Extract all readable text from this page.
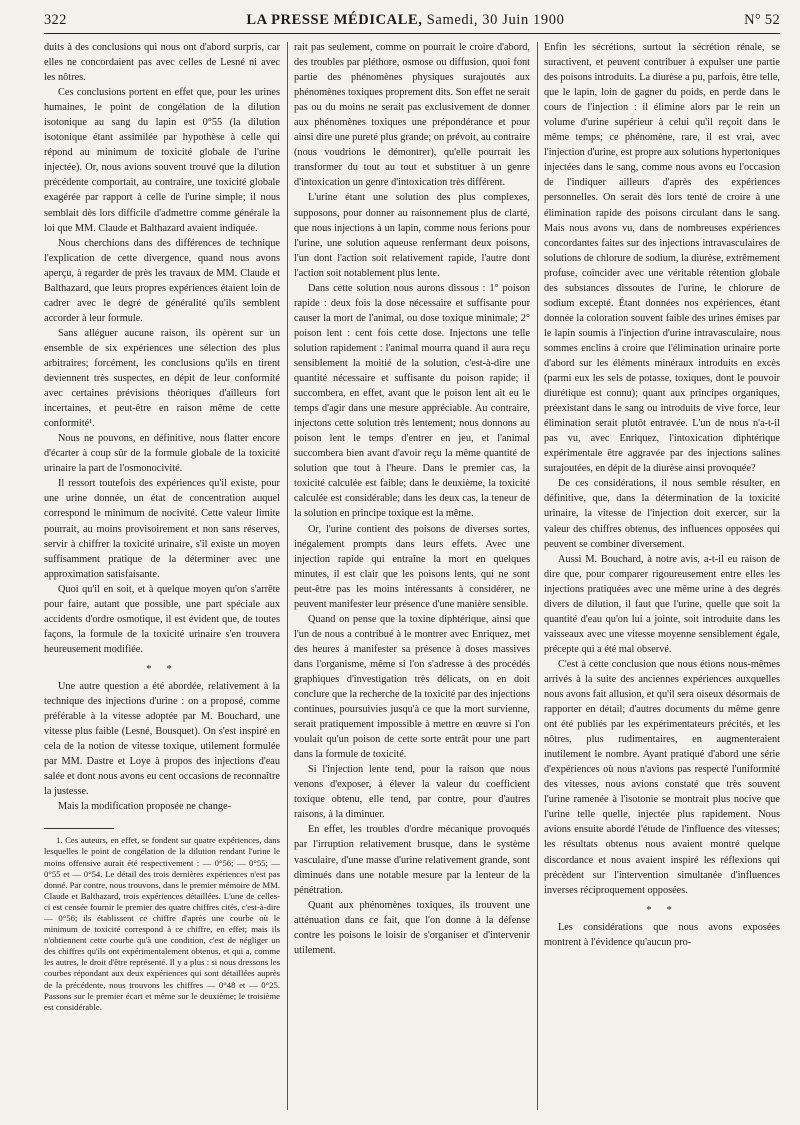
322	LA PRESSE MÉDICALE, Samedi, 30 Juin 1900	N° 52

duits à des conclusions qui nous ont d'abord surpris, car elles ne concordaient pas avec celles de Lesné ni avec les nôtres.

Ces conclusions portent en effet que, pour les urines humaines, le point de congélation de la dilution isotonique au sang du lapin est 0°55 (la dilution isotonique étant assimilée par hypothèse à celle qui répond au minimum de toxicité globale de l'urine injectée). Or, nous avions souvent trouvé que la dilution précédente comportait, au contraire, une toxicité globale exagérée par rapport à celle de l'urine simple; il nous semblait dès lors difficile d'admettre comme générale la loi que MM. Claude et Balthazard avaient indiquée.

Nous cherchions dans des différences de technique l'explication de cette divergence, quand nous avons aperçu, à regarder de près les travaux de MM. Claude et Balthazard, que leurs propres expériences étaient loin de cadrer avec le degré de généralité qu'ils semblent accorder à leur formule.

Sans alléguer aucune raison, ils opèrent sur un ensemble de six expériences une sélection des plus arbitraires; forcément, les conclusions qu'ils en tirent deviennent très suspectes, en dépit de leur conformité avec certaines prévisions théoriques d'ailleurs fort incertaines, et peut-être en raison même de cette conformité¹.

Nous ne pouvons, en définitive, nous flatter encore d'écarter à coup sûr de la formule globale de la toxicité urinaire la part de l'osmonocivité.

Il ressort toutefois des expériences qu'il existe, pour une urine donnée, un état de concentration auquel correspond le minimum de nocivité. Cette valeur limite pourrait, au moins provisoirement et non sans réserves, servir à chiffrer la toxicité urinaire, s'il existe un moyen suffisamment pratique de la déterminer avec une approximation satisfaisante.

Quoi qu'il en soit, et à quelque moyen qu'on s'arrête pour faire, autant que possible, une part spéciale aux accidents d'ordre osmotique, il est évident que, de toutes façons, la formule de la toxicité urinaire s'en trouvera heureusement modifiée.

* *

Une autre question a été abordée, relativement à la technique des injections d'urine : on a proposé, comme préférable à la vitesse adoptée par M. Bouchard, une vitesse plus faible (Lesné, Bousquet). On s'est inspiré en cela de la notion de vitesse toxique, utilement formulée par MM. Dastre et Loye à propos des injections d'eau salée et dont nous avons eu cent occasions de reconnaître la justesse.

Mais la modification proposée ne change-

1. Ces auteurs, en effet, se fondent sur quatre expériences, dans lesquelles le point de congélation de la dilution rendant l'urine le moins offensive aurait été respectivement : — 0°56; — 0°55; — 0°55 et — 0°54. Le détail des trois dernières expériences n'est pas donné. Par contre, nous trouvons, dans le premier mémoire de MM. Claude et Balthazard, trois expériences détaillées. L'une de celles-ci est censée fournir le premier des quatre chiffres cités, c'est-à-dire — 0°56; ils établissent ce chiffre d'après une courbe où le minimum de toxicité correspond à ce chiffre, en effet; mais ils n'obtiennent cette courbe qu'à une condition, c'est de négliger un des chiffres qu'ils ont expérimentalement obtenus, et qui a, comme les autres, le droit d'être représenté. Il y a plus : si nous dressons les courbes répondant aux deux expériences qui sont détaillées auprès de la précédente, nous trouvons les chiffres — 0°48 et — 0°25. Passons sur le premier écart et même sur le deuxième; le troisième est considérable.

rait pas seulement, comme on pourrait le croire d'abord, des troubles par pléthore, osmose ou diffusion, quoi font partie des phénomènes physiques surajoutés aux phénomènes toxiques proprement dits. Son effet ne serait pas ou du moins ne serait pas exclusivement de donner aux phénomènes toxiques une prépondérance et pour ainsi dire une pureté plus grande; on prévoit, au contraire (nous voudrions le démontrer), qu'elle pourrait les transformer du tout au tout et substituer à un genre d'intoxication un genre d'intoxication très différent.

L'urine étant une solution des plus complexes, supposons, pour donner au raisonnement plus de clarté, que nous injections à un lapin, comme nous ferions pour l'urine, une solution aqueuse renfermant deux poisons, l'un dont l'action soit relativement rapide, l'autre dont l'action soit notablement plus lente.

Dans cette solution nous aurons dissous : 1° poison rapide : deux fois la dose nécessaire et suffisante pour causer la mort de l'animal, ou dose toxique minimale; 2° poison lent : cent fois cette dose. Injectons une telle solution rapidement : l'animal mourra quand il aura reçu sensiblement la moitié de la solution, c'est-à-dire une quantité nécessaire et suffisante du poison rapide; il succombera, en effet, avant que le poison lent ait eu le temps d'agir dans une mesure appréciable. Au contraire, injectons cette solution très lentement; nous donnons au poison lent le temps d'entrer en jeu, et l'animal succombera bien avant d'avoir reçu la même quantité de solution que tout à l'heure. Dans le premier cas, la toxicité calculée est faible; dans le deuxième, la toxicité calculée est considérable; dans les deux cas, la teneur de la solution en principe toxique est la même.

Or, l'urine contient des poisons de diverses sortes, inégalement prompts dans leurs effets. Avec une injection rapide qui entraîne la mort en quelques minutes, il est clair que les poisons lents, qui ne sont peut-être pas les moins intéressants à considérer, ne peuvent manifester leur présence d'une manière sensible.

Quand on pense que la toxine diphtérique, ainsi que l'un de nous a contribué à le montrer avec Enriquez, met des heures à manifester sa présence à doses massives dans l'organisme, même si l'on s'adresse à des procédés graphiques d'investigation très délicats, on en doit conclure que la recherche de la toxicité par des injections continues, poursuivies jusqu'à ce que la mort survienne, serait pratiquement impossible à mettre en œuvre si l'on voulait qu'un poison de cette sorte entrât pour une part dans la formule de toxicité.

Si l'injection lente tend, pour la raison que nous venons d'exposer, à élever la valeur du coefficient toxique obtenu, elle tend, par contre, pour d'autres raisons, à la diminuer.

En effet, les troubles d'ordre mécanique provoqués par l'irruption relativement brusque, dans le système vasculaire, d'une masse d'urine relativement grande, sont diminués dans une notable mesure par la lenteur de la pénétration.

Quant aux phénomènes toxiques, ils trouvent une atténuation dans ce fait, que l'on donne à la défense contre les poisons le loisir de s'organiser et d'intervenir utilement.

Enfin les sécrétions, surtout la sécrétion rénale, se suractivent, et peuvent contribuer à expulser une partie des poisons introduits. La diurèse a pu, parfois, être telle, que le lapin, loin de gagner du poids, en perde dans le cours de l'injection : il élimine alors par le rein un volume d'urine supérieur à celui qu'il reçoit dans le même temps; ce phénomène, rare, il est vrai, avec l'injection d'urine, est propre aux solutions hypertoniques injectées dans le sang, comme nous avons eu l'occasion de l'indiquer ailleurs d'après des expériences personnelles. On serait dès lors tenté de croire à une élimination rapide des poisons circulant dans le sang. Mais nous avons vu, dans de nombreuses expériences concordantes faites sur des injections intravasculaires de solutions de chlorure de sodium, la diurèse, extrêmement profuse, coïncider avec une véritable rétention globale des substances dissoutes de l'urine, le chlorure de sodium excepté. Étant données nos expériences, étant donnée la coloration souvent faible des urines émises par le lapin soumis à l'injection d'urine intravasculaire, nous sommes enclins à croire que l'élimination urinaire porte d'abord sur les éléments minéraux introduits en excès (parmi eux les sels de potasse, toxiques, dont le pouvoir diurétique est connu); quant aux principes organiques, préexistant dans le sang ou introduits de vive force, leur élimination serait plutôt entravée. L'un de nous n'a-t-il pas vu, avec Enriquez, l'intoxication diphtérique expérimentale être aggravée par des injections salines surajoutées, en dépit de la diurèse ainsi provoquée?

De ces considérations, il nous semble résulter, en définitive, que, dans la détermination de la toxicité urinaire, la vitesse de l'injection doit exercer, sur la valeur des chiffres obtenus, des influences opposées qui peuvent se combiner diversement.

Aussi M. Bouchard, à notre avis, a-t-il eu raison de dire que, pour comparer rigoureusement entre elles les injections pratiquées avec une même urine à des degrés divers de dilution, il faut que l'urine, quelle que soit la quantité d'eau qu'on lui a jointe, soit introduite dans les vaisseaux avec une vitesse moyenne sensiblement égale, précepte qui a été mal observé.

C'est à cette conclusion que nous étions nous-mêmes arrivés à la suite des anciennes expériences auxquelles nous avons fait allusion, et qu'il sera oiseux désormais de rapporter en détail; d'autres documents du même genre ont été publiés par les expérimentateurs précités, et les nôtres, plus rudimentaires, en augmenteraient inutilement le nombre. Ayant pratiqué d'abord une série d'expériences où nous n'avions pas respecté l'uniformité des vitesses, nous avions constaté que très souvent l'urine ramenée à l'isotonie se montrait plus nocive que l'urine telle quelle, injectée plus rapidement. Nous avions ensuite abordé l'étude de l'influence des vitesses; les résultats obtenus nous avaient montré quelque discordance et nous avaient inspiré les réflexions qui précèdent sur l'intervention simultanée d'influences inverses réciproquement opposées.

* *

Les considérations que nous avons exposées montrent à l'évidence qu'aucun pro-
